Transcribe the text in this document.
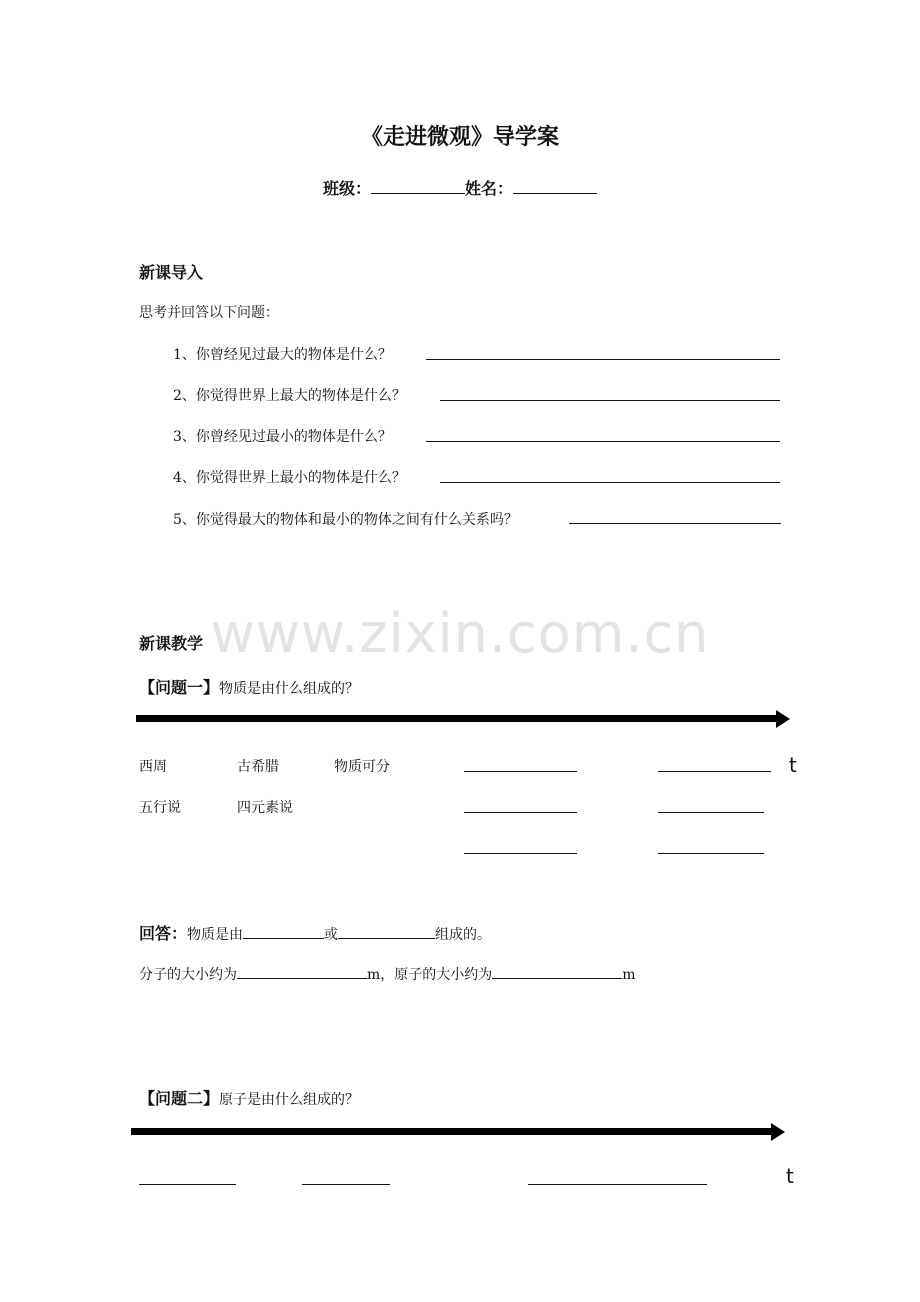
www.zixin.com.cn
《走进微观》导学案
班级：	姓名：
新课导入
思考并回答以下问题：
1、你曾经见过最大的物体是什么？
2、你觉得世界上最大的物体是什么？
3、你曾经见过最小的物体是什么？
4、你觉得世界上最小的物体是什么？
5、你觉得最大的物体和最小的物体之间有什么关系吗？
新课教学
【问题一】物质是由什么组成的？
西周	古希腊	物质可分	t
五行说	四元素说
回答：物质是由	或	组成的。
分子的大小约为	m，原子的大小约为	m
【问题二】原子是由什么组成的？
t
